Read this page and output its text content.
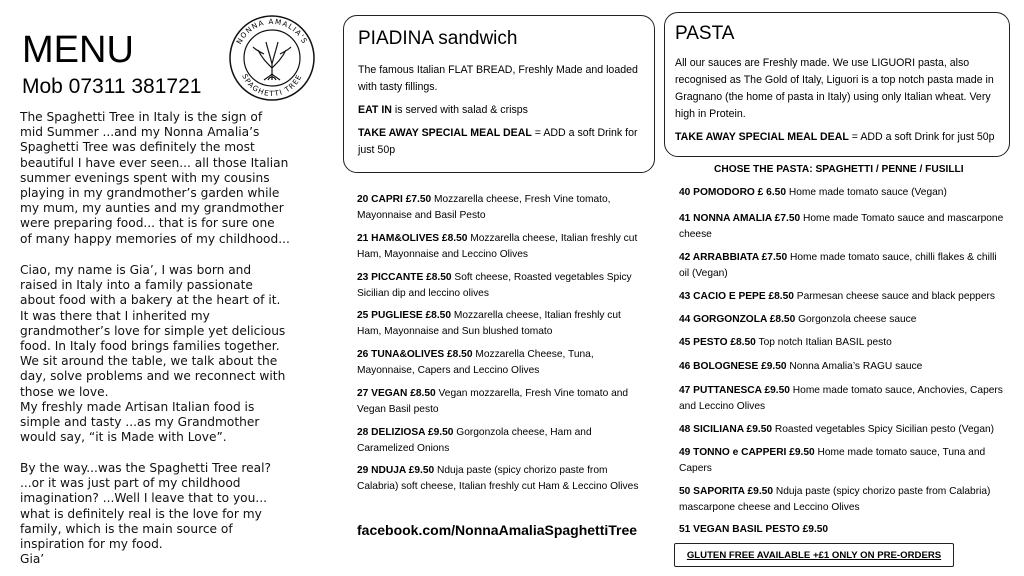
MENU
Mob 07311 381721
NONNA AMALIA'S
SPAGHETTI TREE

The Spaghetti Tree in Italy is the sign of
mid Summer ...and my Nonna Amalia’s
Spaghetti Tree was definitely the most
beautiful I have ever seen... all those Italian
summer evenings spent with my cousins
playing in my grandmother’s garden while
my mum, my aunties and my grandmother
were preparing food... that is for sure one
of many happy memories of my childhood...

Ciao, my name is Gia’, I was born and
raised in Italy into a family passionate
about food with a bakery at the heart of it.
It was there that I inherited my
grandmother’s love for simple yet delicious
food. In Italy food brings families together.
We sit around the table, we talk about the
day, solve problems and we reconnect with
those we love.
My freshly made Artisan Italian food is
simple and tasty ...as my Grandmother
would say, “it is Made with Love”.

By the way...was the Spaghetti Tree real?
...or it was just part of my childhood
imagination? ...Well I leave that to you...
what is definitely real is the love for my
family, which is the main source of
inspiration for my food.
Gia’

PIADINA sandwich

The famous Italian FLAT BREAD, Freshly Made and loaded with tasty fillings.

EAT IN is served with salad & crisps

TAKE AWAY SPECIAL MEAL DEAL = ADD a soft Drink for just 50p

20 CAPRI £7.50 Mozzarella cheese, Fresh Vine tomato, Mayonnaise and Basil Pesto
21 HAM&OLIVES £8.50 Mozzarella cheese, Italian freshly cut Ham, Mayonnaise and Leccino Olives
23 PICCANTE £8.50 Soft cheese, Roasted vegetables Spicy Sicilian dip and leccino olives
25 PUGLIESE £8.50 Mozzarella cheese, Italian freshly cut Ham, Mayonnaise and Sun blushed tomato
26 TUNA&OLIVES £8.50 Mozzarella Cheese, Tuna, Mayonnaise, Capers and Leccino Olives
27 VEGAN £8.50 Vegan mozzarella, Fresh Vine tomato and Vegan Basil pesto
28 DELIZIOSA £9.50 Gorgonzola cheese, Ham and Caramelized Onions
29 NDUJA £9.50 Nduja paste (spicy chorizo paste from Calabria) soft cheese, Italian freshly cut Ham & Leccino Olives
facebook.com/NonnaAmaliaSpaghettiTree
PASTA

All our sauces are Freshly made. We use LIGUORI pasta, also recognised as The Gold of Italy, Liguori is a top notch pasta made in Gragnano (the home of pasta in Italy) using only Italian wheat. Very high in Protein.

TAKE AWAY SPECIAL MEAL DEAL = ADD a soft Drink for just 50p

CHOSE THE PASTA: SPAGHETTI / PENNE / FUSILLI
40 POMODORO £ 6.50 Home made tomato sauce (Vegan)
41 NONNA AMALIA £7.50 Home made Tomato sauce and mascarpone cheese
42 ARRABBIATA £7.50 Home made tomato sauce, chilli flakes & chilli oil (Vegan)
43 CACIO E PEPE £8.50 Parmesan cheese sauce and black peppers
44 GORGONZOLA £8.50 Gorgonzola cheese sauce
45 PESTO £8.50 Top notch Italian BASIL pesto
46 BOLOGNESE £9.50 Nonna Amalia’s RAGU sauce
47 PUTTANESCA £9.50 Home made tomato sauce, Anchovies, Capers and Leccino Olives
48 SICILIANA £9.50 Roasted vegetables Spicy Sicilian pesto (Vegan)
49 TONNO e CAPPERI £9.50 Home made tomato sauce, Tuna and Capers
50 SAPORITA £9.50 Nduja paste (spicy chorizo paste from Calabria) mascarpone cheese and Leccino Olives
51 VEGAN BASIL PESTO £9.50
GLUTEN FREE AVAILABLE +£1 ONLY ON PRE-ORDERS
